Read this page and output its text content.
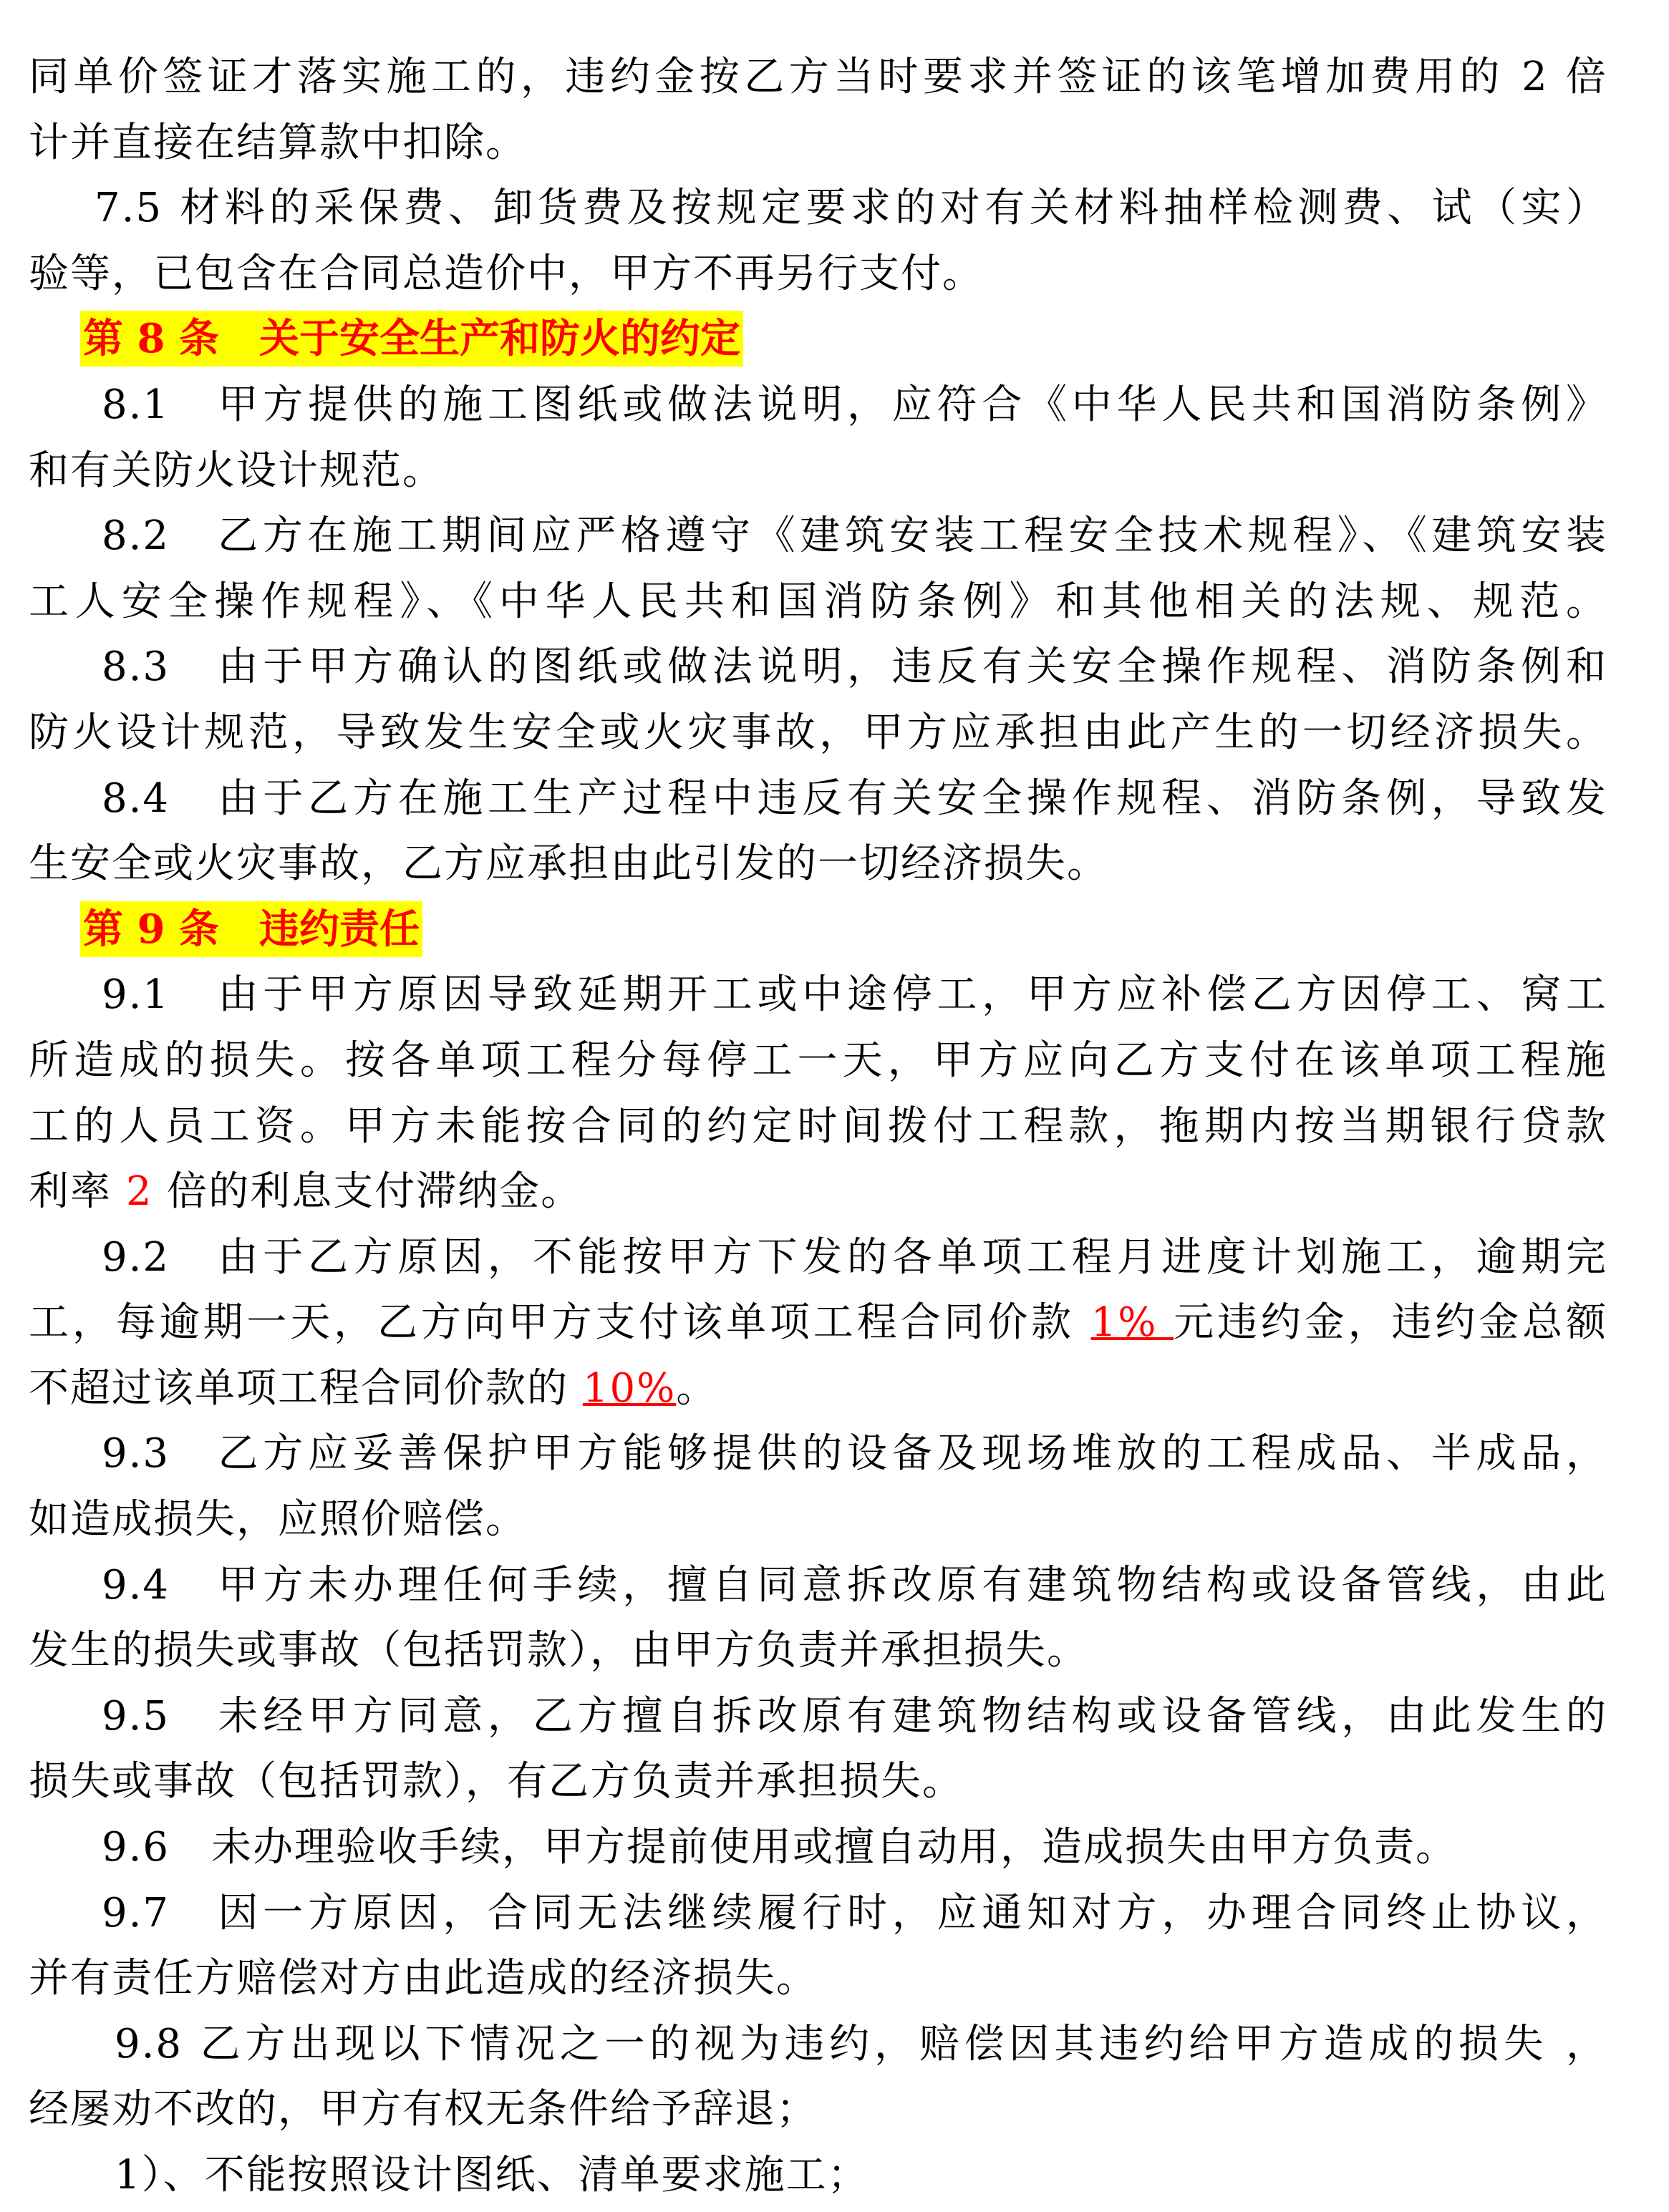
同单价签证才落实施工的，违约金按乙方当时要求并签证的该笔增加费用的 2 倍
计并直接在结算款中扣除。
7.5 材料的采保费、卸货费及按规定要求的对有关材料抽样检测费、试（实）
验等，已包含在合同总造价中，甲方不再另行支付。
第 8 条　关于安全生产和防火的约定
8.1　甲方提供的施工图纸或做法说明，应符合《中华人民共和国消防条例》
和有关防火设计规范。
8.2　乙方在施工期间应严格遵守《建筑安装工程安全技术规程》、《建筑安装
工人安全操作规程》、《中华人民共和国消防条例》和其他相关的法规、规范。
8.3　由于甲方确认的图纸或做法说明，违反有关安全操作规程、消防条例和
防火设计规范，导致发生安全或火灾事故，甲方应承担由此产生的一切经济损失。
8.4　由于乙方在施工生产过程中违反有关安全操作规程、消防条例，导致发
生安全或火灾事故，乙方应承担由此引发的一切经济损失。
第 9 条　违约责任
9.1　由于甲方原因导致延期开工或中途停工，甲方应补偿乙方因停工、窝工
所造成的损失。按各单项工程分每停工一天，甲方应向乙方支付在该单项工程施
工的人员工资。甲方未能按合同的约定时间拨付工程款，拖期内按当期银行贷款
利率 2 倍的利息支付滞纳金。
9.2　由于乙方原因，不能按甲方下发的各单项工程月进度计划施工，逾期完
工，每逾期一天，乙方向甲方支付该单项工程合同价款 1% 元违约金，违约金总额
不超过该单项工程合同价款的 10%。
9.3　乙方应妥善保护甲方能够提供的设备及现场堆放的工程成品、半成品，
如造成损失，应照价赔偿。
9.4　甲方未办理任何手续，擅自同意拆改原有建筑物结构或设备管线，由此
发生的损失或事故（包括罚款），由甲方负责并承担损失。
9.5　未经甲方同意，乙方擅自拆改原有建筑物结构或设备管线，由此发生的
损失或事故（包括罚款），有乙方负责并承担损失。
9.6　未办理验收手续，甲方提前使用或擅自动用，造成损失由甲方负责。
9.7　因一方原因，合同无法继续履行时，应通知对方，办理合同终止协议，
并有责任方赔偿对方由此造成的经济损失。
9.8 乙方出现以下情况之一的视为违约，赔偿因其违约给甲方造成的损失 ，
经屡劝不改的，甲方有权无条件给予辞退；
1）、不能按照设计图纸、清单要求施工；
